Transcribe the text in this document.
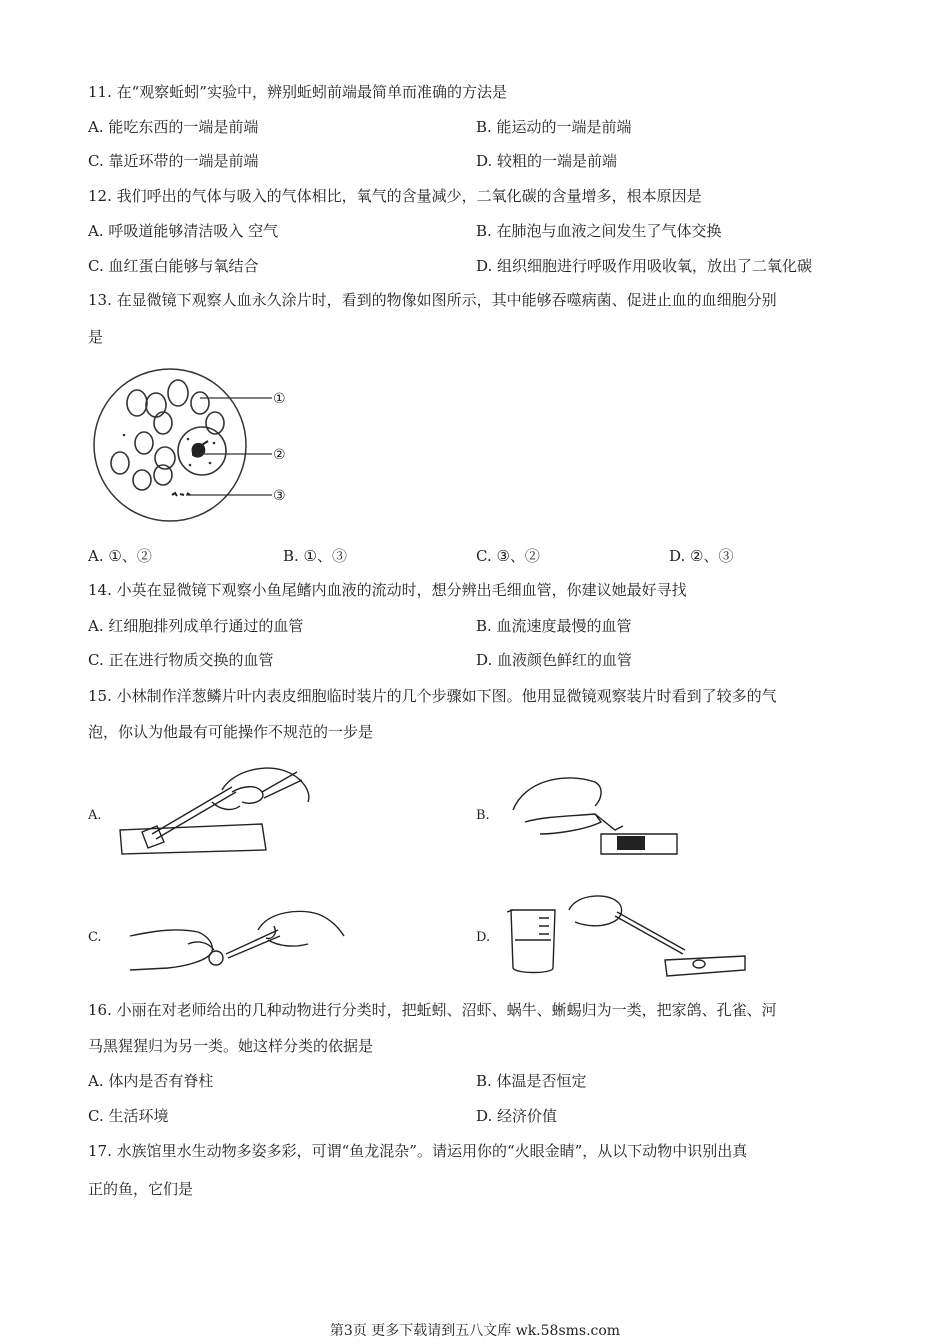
11. 在“观察蚯蚓”实验中，辨别蚯蚓前端最简单而准确的方法是
A. 能吃东西的一端是前端	B. 能运动的一端是前端
C. 靠近环带的一端是前端	D. 较粗的一端是前端
12. 我们呼出的气体与吸入的气体相比，氧气的含量减少，二氧化碳的含量增多，根本原因是
A. 呼吸道能够清洁吸入 空气	B. 在肺泡与血液之间发生了气体交换
C. 血红蛋白能够与氧结合	D. 组织细胞进行呼吸作用吸收氧，放出了二氧化碳
13. 在显微镜下观察人血永久涂片时，看到的物像如图所示，其中能够吞噬病菌、促进止血的血细胞分别
是
①
②
③
A. ①、②	B. ①、③	C. ③、②	D. ②、③
14. 小英在显微镜下观察小鱼尾鳍内血液的流动时，想分辨出毛细血管，你建议她最好寻找
A. 红细胞排列成单行通过的血管	B. 血流速度最慢的血管
C. 正在进行物质交换的血管	D. 血液颜色鲜红的血管
15. 小林制作洋葱鳞片叶内表皮细胞临时装片的几个步骤如下图。他用显微镜观察装片时看到了较多的气
泡，你认为他最有可能操作不规范的一步是
A.	B.
C.	D.
16. 小丽在对老师给出的几种动物进行分类时，把蚯蚓、沼虾、蜗牛、蜥蜴归为一类，把家鸽、孔雀、河
马黑猩猩归为另一类。她这样分类的依据是
A. 体内是否有脊柱	B. 体温是否恒定
C. 生活环境	D. 经济价值
17. 水族馆里水生动物多姿多彩，可谓“鱼龙混杂”。请运用你的“火眼金睛”，从以下动物中识别出真
正的鱼，它们是
第3页 更多下载请到五八文库 wk.58sms.com
